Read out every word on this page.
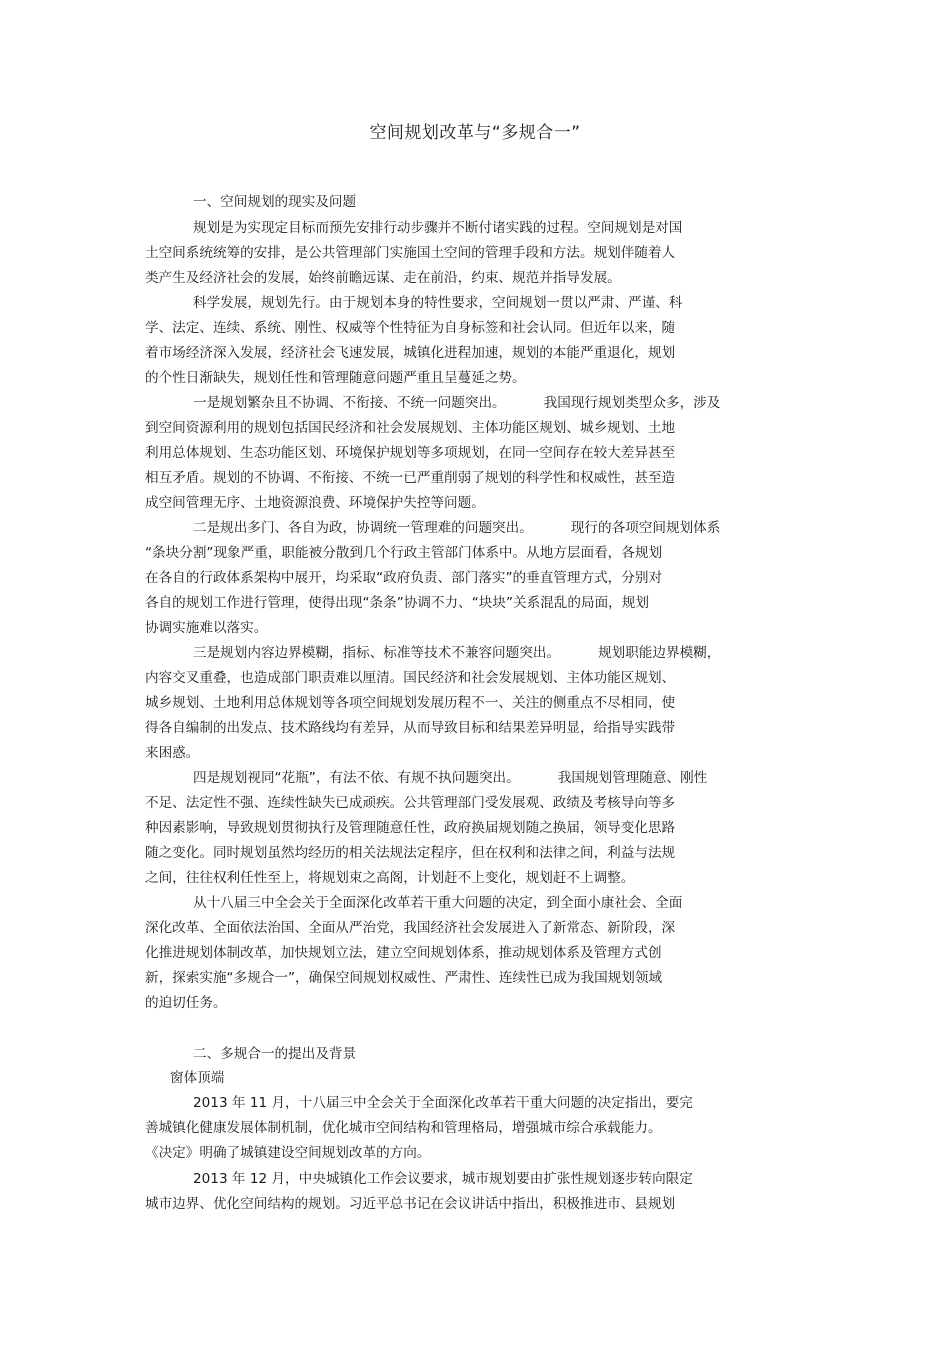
空间规划改革与“多规合一”
一、空间规划的现实及问题
规划是为实现定目标而预先安排行动步骤并不断付诸实践的过程。空间规划是对国
土空间系统统筹的安排，是公共管理部门实施国土空间的管理手段和方法。规划伴随着人
类产生及经济社会的发展，始终前瞻远谋、走在前沿，约束、规范并指导发展。
科学发展，规划先行。由于规划本身的特性要求，空间规划一贯以严肃、严谨、科
学、法定、连续、系统、刚性、权威等个性特征为自身标签和社会认同。但近年以来，随
着市场经济深入发展，经济社会飞速发展，城镇化进程加速，规划的本能严重退化，规划
的个性日渐缺失，规划任性和管理随意问题严重且呈蔓延之势。
一是规划繁杂且不协调、不衔接、不统一问题突出。	我国现行规划类型众多，涉及
到空间资源利用的规划包括国民经济和社会发展规划、主体功能区规划、城乡规划、土地
利用总体规划、生态功能区划、环境保护规划等多项规划，在同一空间存在较大差异甚至
相互矛盾。规划的不协调、不衔接、不统一已严重削弱了规划的科学性和权威性，甚至造
成空间管理无序、土地资源浪费、环境保护失控等问题。
二是规出多门、各自为政，协调统一管理难的问题突出。	现行的各项空间规划体系
“条块分割”现象严重，职能被分散到几个行政主管部门体系中。从地方层面看，各规划
在各自的行政体系架构中展开，均采取“政府负责、部门落实”的垂直管理方式，分别对
各自的规划工作进行管理，使得出现“条条”协调不力、“块块”关系混乱的局面，规划
协调实施难以落实。
三是规划内容边界模糊，指标、标准等技术不兼容问题突出。	规划职能边界模糊，
内容交叉重叠，也造成部门职责难以厘清。国民经济和社会发展规划、主体功能区规划、
城乡规划、土地利用总体规划等各项空间规划发展历程不一、关注的侧重点不尽相同，使
得各自编制的出发点、技术路线均有差异，从而导致目标和结果差异明显，给指导实践带
来困惑。
四是规划视同“花瓶”，有法不依、有规不执问题突出。	我国规划管理随意、刚性
不足、法定性不强、连续性缺失已成顽疾。公共管理部门受发展观、政绩及考核导向等多
种因素影响，导致规划贯彻执行及管理随意任性，政府换届规划随之换届，领导变化思路
随之变化。同时规划虽然均经历的相关法规法定程序，但在权利和法律之间，利益与法规
之间，往往权利任性至上，将规划束之高阁，计划赶不上变化，规划赶不上调整。
从十八届三中全会关于全面深化改革若干重大问题的决定，到全面小康社会、全面
深化改革、全面依法治国、全面从严治党，我国经济社会发展进入了新常态、新阶段，深
化推进规划体制改革，加快规划立法，建立空间规划体系，推动规划体系及管理方式创
新，探索实施“多规合一”，确保空间规划权威性、严肃性、连续性已成为我国规划领域
的迫切任务。
二、多规合一的提出及背景
窗体顶端
2013 年 11 月，十八届三中全会关于全面深化改革若干重大问题的决定指出，要完
善城镇化健康发展体制机制，优化城市空间结构和管理格局，增强城市综合承载能力。
《决定》明确了城镇建设空间规划改革的方向。
2013 年 12 月，中央城镇化工作会议要求，城市规划要由扩张性规划逐步转向限定
城市边界、优化空间结构的规划。习近平总书记在会议讲话中指出，积极推进市、县规划
